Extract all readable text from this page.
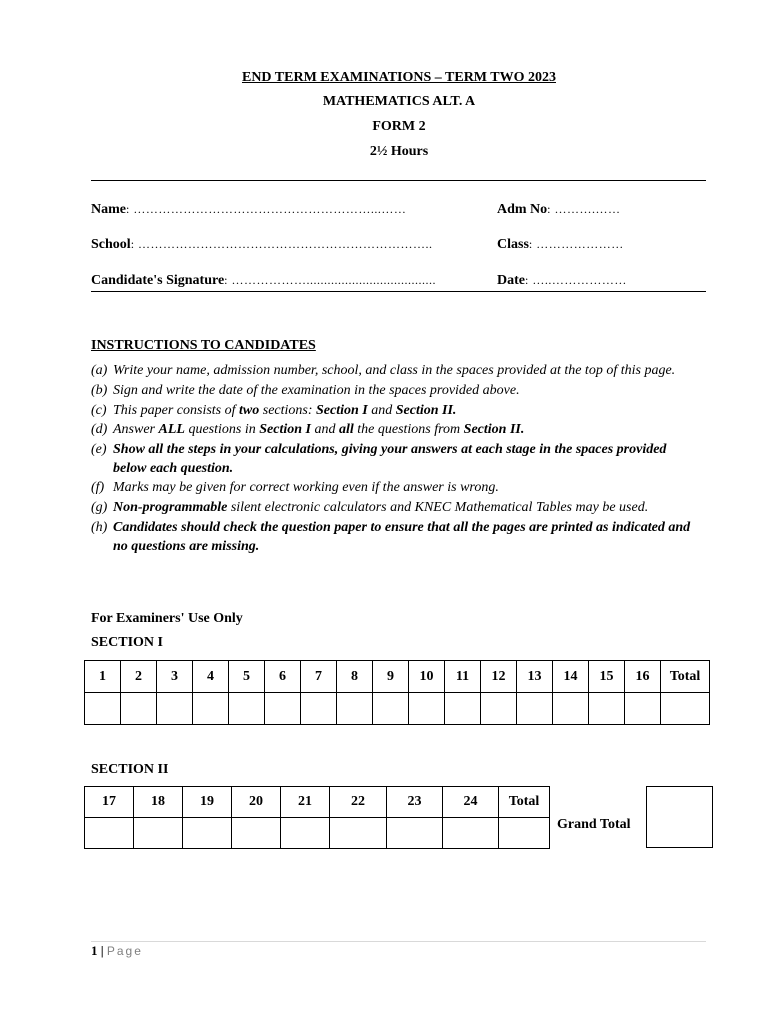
END TERM EXAMINATIONS – TERM TWO 2023
MATHEMATICS ALT. A
FORM 2
2½ Hours
Name: …………………………………………………...……	Adm No: ……….……
School: ……………………………………………………………..	Class: …………………
Candidate's Signature: ……………….....................................	Date: …..………………
INSTRUCTIONS TO CANDIDATES
(a) Write your name, admission number, school, and class in the spaces provided at the top of this page.
(b) Sign and write the date of the examination in the spaces provided above.
(c) This paper consists of two sections: Section I and Section II.
(d) Answer ALL questions in Section I and all the questions from Section II.
(e) Show all the steps in your calculations, giving your answers at each stage in the spaces provided below each question.
(f) Marks may be given for correct working even if the answer is wrong.
(g) Non-programmable silent electronic calculators and KNEC Mathematical Tables may be used.
(h) Candidates should check the question paper to ensure that all the pages are printed as indicated and no questions are missing.
For Examiners' Use Only
SECTION I
1	2	3	4	5	6	7	8	9	10	11	12	13	14	15	16	Total

SECTION II
17	18	19	20	21	22	23	24	Total

Grand Total
1 | Page
